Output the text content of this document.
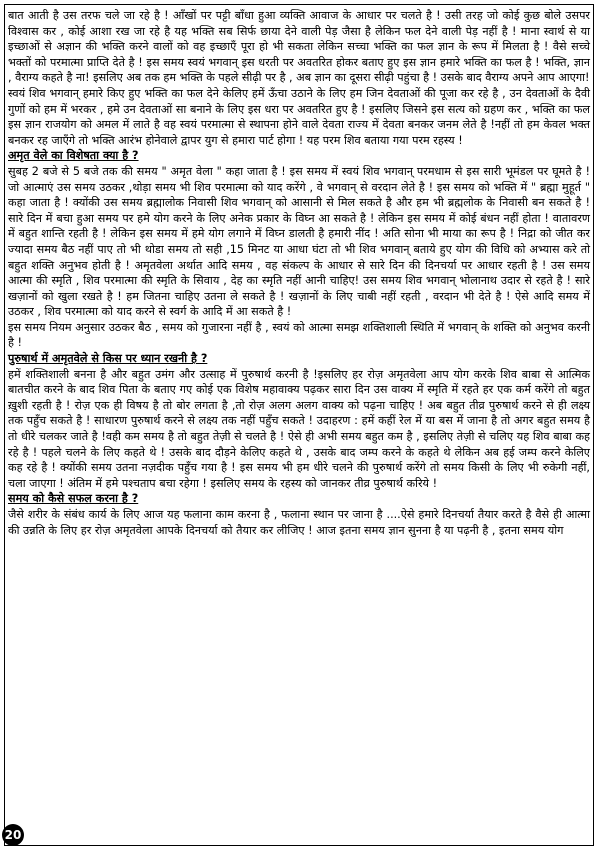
बात आती है उस तरफ चले जा रहे है ! आँखों पर पट्टी बाँधा हुआ व्यक्ति आवाज के आधार पर चलते है ! उसी तरह जो कोई कुछ बोले उसपर विश्वास कर , कोई आशा रख जा रहे है यह भक्ति सब सिर्फ छाया देने वाली पेड़ जैसा है लेकिन फल देने वाली पेड़ नहीं है ! माना स्वार्थ से या इच्छाओं से अज्ञान की भक्ति करने वालों को वह इच्छाएँ पूरा हो भी सकता लेकिन सच्चा भक्ति का फल ज्ञान के रूप में मिलता है ! वैसे सच्चे भक्तों को परमात्मा प्राप्ति देते है ! इस समय स्वयं भगवान् इस धरती पर अवतरित होकर बताए हुए इस ज्ञान हमारे भक्ति का फल है ! भक्ति, ज्ञान , वैराग्य कहते है ना! इसलिए अब तक हम भक्ति के पहले सीढ़ी पर है , अब ज्ञान का दूसरा सीढ़ी पहुंचा है ! उसके बाद वैराग्य अपने आप आएगा!

स्वयं शिव भगवान् हमारे किए हुए भक्ति का फल देने केलिए हमें ऊँचा उठाने के लिए हम जिन देवताओं की पूजा कर रहे है , उन देवताओं के दैवी गुणों को हम में भरकर , हमे उन देवताओं सा बनाने के लिए इस धरा पर अवतरित हुए है ! इसलिए जिसने इस सत्य को ग्रहण कर , भक्ति का फल इस ज्ञान राजयोग को अमल में लाते है वह स्वयं परमात्मा से स्थापना होने वाले देवता राज्य में देवता बनकर जनम लेते है !नहीं तो हम केवल भक्त बनकर रह जाएँगे तो भक्ति आरंभ होनेवाले द्वापर युग से हमारा पार्ट होगा ! यह परम शिव बताया गया परम रहस्य !

अमृत वेले का विशेषता क्या है ?

सुबह 2 बजे से 5 बजे तक की समय " अमृत वेला " कहा जाता है ! इस समय में स्वयं शिव भगवान् परमधाम से इस सारी भूमंडल पर घूमते है ! जो आत्माएं उस समय उठकर ,थोड़ा समय भी शिव परमात्मा को याद करेंगे , वे भगवान् से वरदान लेते है ! इस समय को भक्ति में " ब्रह्मा मुहूर्त " कहा जाता है ! क्योंकी उस समय ब्रह्मालोक निवासी शिव भगवान् को आसानी से मिल सकते है और हम भी ब्रह्मलोक के निवासी बन सकते है ! सारे दिन में बचा हुआ समय पर हमे योग करने के लिए अनेक प्रकार के विघ्न आ सकते है ! लेकिन इस समय में कोई बंधन नहीं होता ! वातावरण में बहुत शान्ति रहती है ! लेकिन इस समय में हमे योग लगाने में विघ्न डालती है हमारी नींद ! अति सोना भी माया का रूप है ! निद्रा को जीत कर ज्यादा समय बैठ नहीं पाए तो भी थोडा समय तो सही ,15 मिनट या आधा घंटा तो भी शिव भगवान् बताये हुए योग की विधि को अभ्यास करे तो बहुत शक्ति अनुभव होती है ! अमृतवेला अर्थात आदि समय , वह संकल्प के आधार से सारे दिन की दिनचर्या पर आधार रहती है ! उस समय आत्मा की स्मृति , शिव परमात्मा की स्मृति के सिवाय , देह का स्मृति नहीं आनी चाहिए! उस समय शिव भगवान् भोलानाथ उदार से रहते है ! सारे खज़ानों को खुला रखते है ! हम जितना चाहिए उतना ले सकते है ! खज़ानों के लिए चाबी नहीं रहती , वरदान भी देते है ! ऐसे आदि समय में उठकर , शिव परमात्मा को याद करने से स्वर्ग के आदि में आ सकते है !

इस समय नियम अनुसार उठकर बैठ , समय को गुजारना नहीं है , स्वयं को आत्मा समझ शक्तिशाली स्थिति में भगवान् के शक्ति को अनुभव करनी है !

पुरुषार्थ में अमृतवेले से किस पर ध्यान रखनी है ?

हमें शक्तिशाली बनना है और बहुत उमंग और उत्साह में पुरुषार्थ करनी है !इसलिए हर रोज़ अमृतवेला आप योग करके शिव बाबा से आत्मिक बातचीत करने के बाद शिव पिता के बताए गए कोई एक विशेष महावाक्य पढ़कर सारा दिन उस वाक्य में स्मृति में रहते हर एक कर्म करेंगे तो बहुत ख़ुशी रहती है ! रोज़ एक ही विषय है तो बोर लगता है ,तो रोज़ अलग अलग वाक्य को पढ़ना चाहिए ! अब बहुत तीव्र पुरुषार्थ करने से ही लक्ष्य तक पहुँच सकते है ! साधारण पुरुषार्थ करने से लक्ष्य तक नहीं पहुँच सकते ! उदाहरण : हमें कहीं रेल में या बस में जाना है तो अगर बहुत समय है तो धीरे चलकर जाते है !वही कम समय है तो बहुत तेज़ी से चलते है ! ऐसे ही अभी समय बहुत कम है , इसलिए तेज़ी से चलिए यह शिव बाबा कह रहे है ! पहले चलने के लिए कहते थे ! उसके बाद दौड़ने केलिए कहते थे , उसके बाद जम्प करने के कहते थे लेकिन अब हई जम्प करने केलिए कह रहे है ! क्योंकी समय उतना नज़दीक पहुँच गया है ! इस समय भी हम धीरे चलने की पुरुषार्थ करेंगे तो समय किसी के लिए भी रुकेगी नहीं, चला जाएगा ! अंतिम में हमे पश्चताप बचा रहेगा ! इसलिए समय के रहस्य को जानकर तीव्र पुरुषार्थ करिये !

समय को कैसे सफल करना है ?

जैसे शरीर के संबंध कार्य के लिए आज यह फलाना काम करना है , फलाना स्थान पर जाना है ....ऐसे हमारे दिनचर्या तैयार करते है वैसे ही आत्मा की उन्नति के लिए हर रोज़ अमृतवेला आपके दिनचर्या को तैयार कर लीजिए ! आज इतना समय ज्ञान सुनना है या पढ़नी है , इतना समय योग

20
